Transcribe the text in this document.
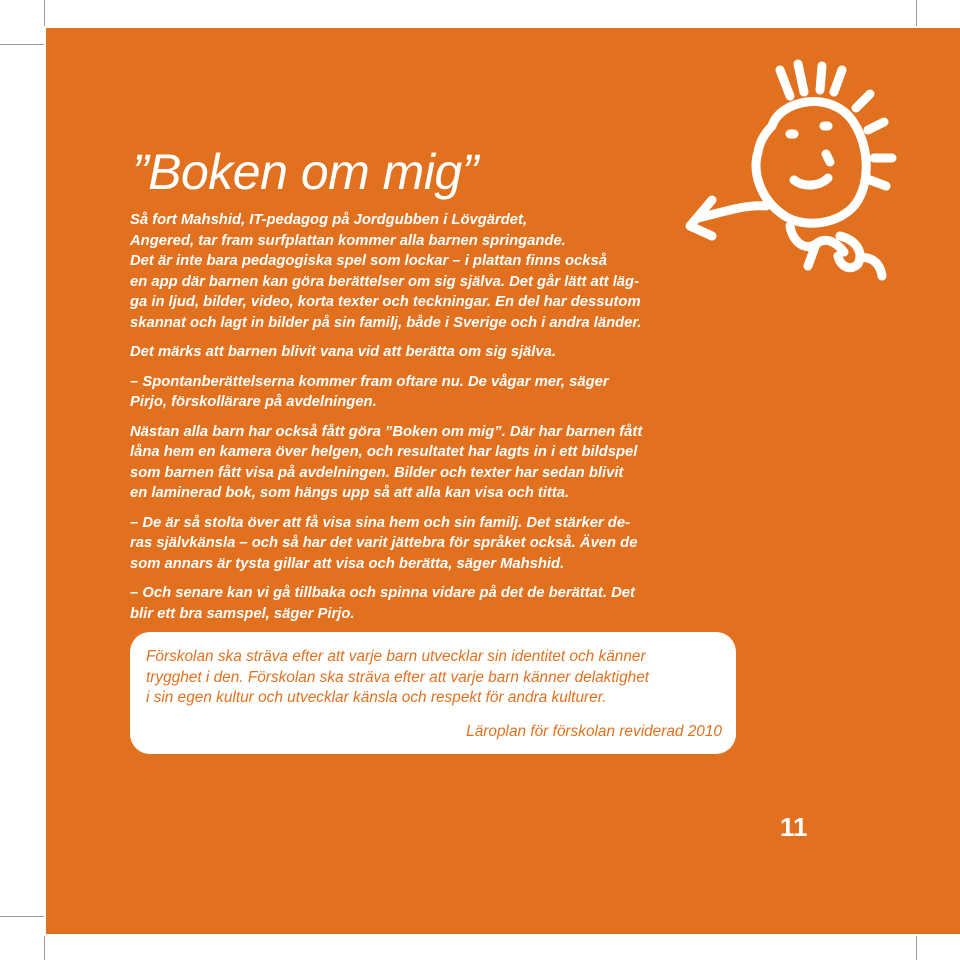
”Boken om mig”

Så fort Mahshid, IT-pedagog på Jordgubben i Lövgärdet,
Angered, tar fram surfplattan kommer alla barnen springande.
Det är inte bara pedagogiska spel som lockar – i plattan finns också
en app där barnen kan göra berättelser om sig själva. Det går lätt att läg-
ga in ljud, bilder, video, korta texter och teckningar. En del har dessutom
skannat och lagt in bilder på sin familj, både i Sverige och i andra länder.

Det märks att barnen blivit vana vid att berätta om sig själva.

– Spontanberättelserna kommer fram oftare nu. De vågar mer, säger
Pirjo, förskollärare på avdelningen.

Nästan alla barn har också fått göra ”Boken om mig”. Där har barnen fått
låna hem en kamera över helgen, och resultatet har lagts in i ett bildspel
som barnen fått visa på avdelningen. Bilder och texter har sedan blivit
en laminerad bok, som hängs upp så att alla kan visa och titta.

– De är så stolta över att få visa sina hem och sin familj. Det stärker de-
ras självkänsla – och så har det varit jättebra för språket också. Även de
som annars är tysta gillar att visa och berätta, säger Mahshid.

– Och senare kan vi gå tillbaka och spinna vidare på det de berättat. Det
blir ett bra samspel, säger Pirjo.

Förskolan ska sträva efter att varje barn utvecklar sin identitet och känner
trygghet i den. Förskolan ska sträva efter att varje barn känner delaktighet
i sin egen kultur och utvecklar känsla och respekt för andra kulturer.

Läroplan för förskolan reviderad 2010

11
